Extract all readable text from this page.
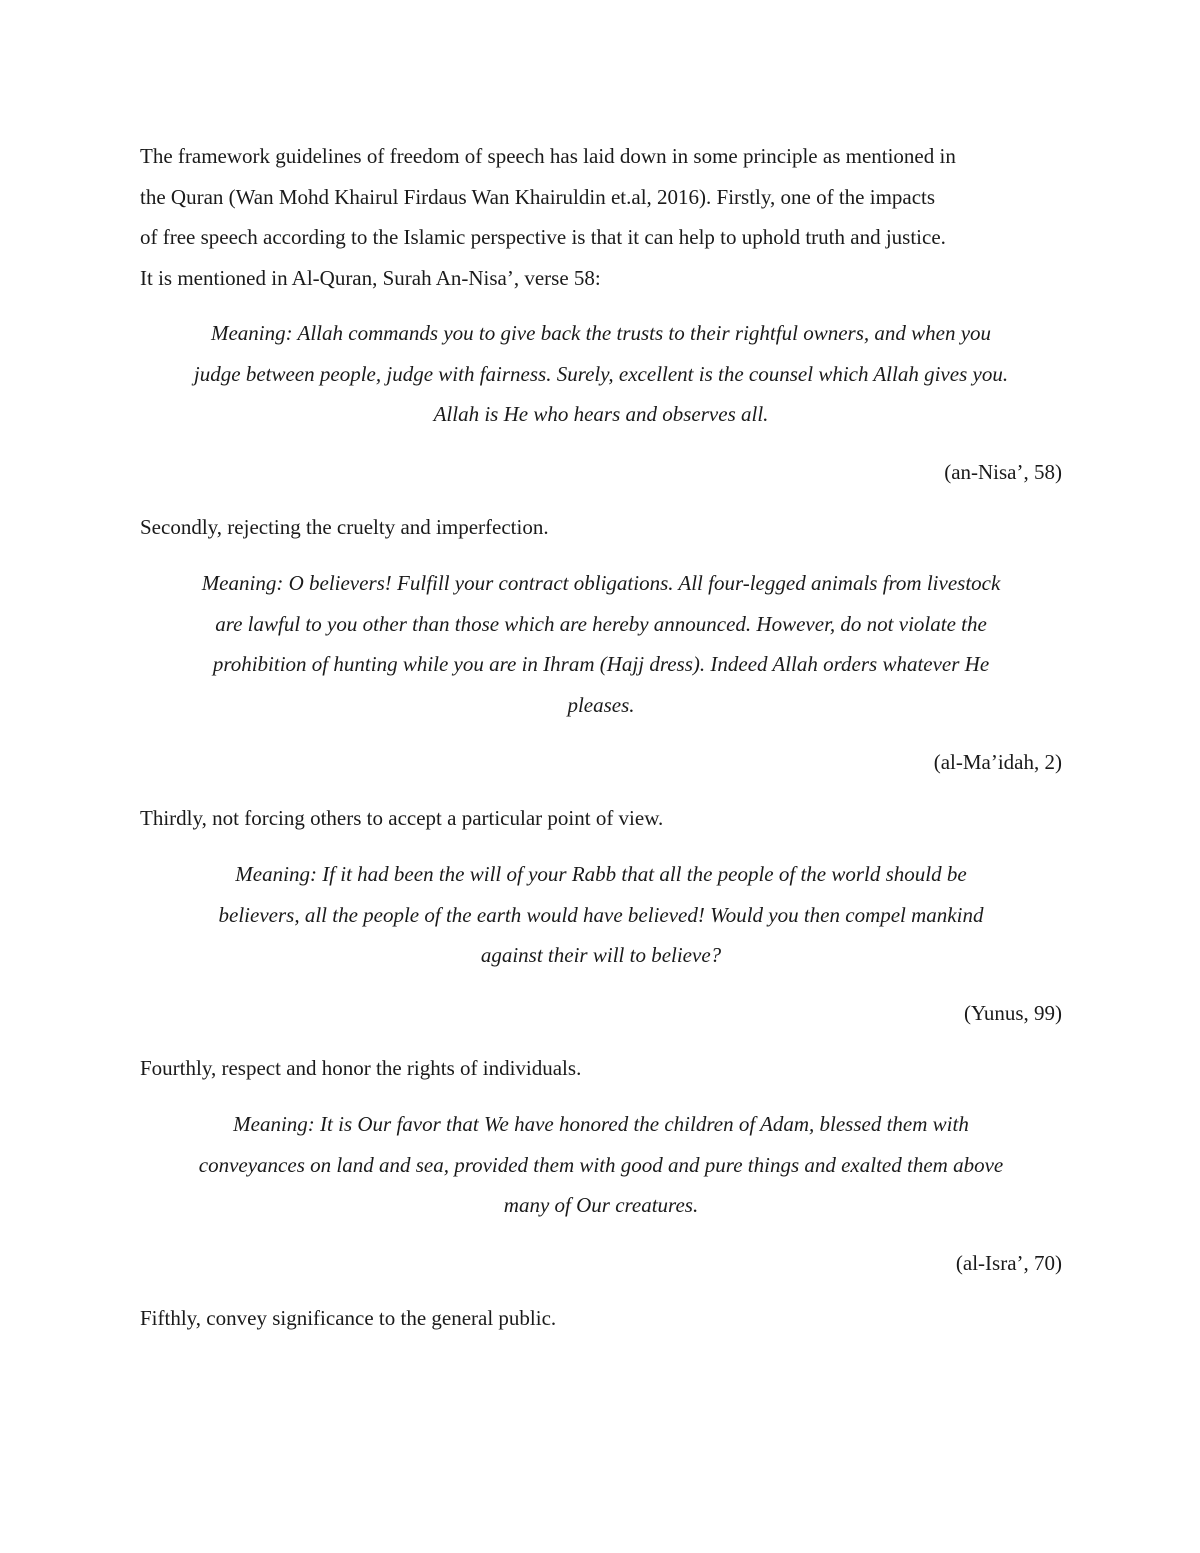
The framework guidelines of freedom of speech has laid down in some principle as mentioned in
the Quran (Wan Mohd Khairul Firdaus Wan Khairuldin et.al, 2016). Firstly, one of the impacts
of free speech according to the Islamic perspective is that it can help to uphold truth and justice.
It is mentioned in Al-Quran, Surah An-Nisa’, verse 58:
Meaning: Allah commands you to give back the trusts to their rightful owners, and when you
judge between people, judge with fairness. Surely, excellent is the counsel which Allah gives you.
Allah is He who hears and observes all.
(an-Nisa’, 58)
Secondly, rejecting the cruelty and imperfection.
Meaning: O believers! Fulfill your contract obligations. All four-legged animals from livestock
are lawful to you other than those which are hereby announced. However, do not violate the
prohibition of hunting while you are in Ihram (Hajj dress). Indeed Allah orders whatever He
pleases.
(al-Ma’idah, 2)
Thirdly, not forcing others to accept a particular point of view.
Meaning: If it had been the will of your Rabb that all the people of the world should be
believers, all the people of the earth would have believed! Would you then compel mankind
against their will to believe?
(Yunus, 99)
Fourthly, respect and honor the rights of individuals.
Meaning: It is Our favor that We have honored the children of Adam, blessed them with
conveyances on land and sea, provided them with good and pure things and exalted them above
many of Our creatures.
(al-Isra’, 70)
Fifthly, convey significance to the general public.
